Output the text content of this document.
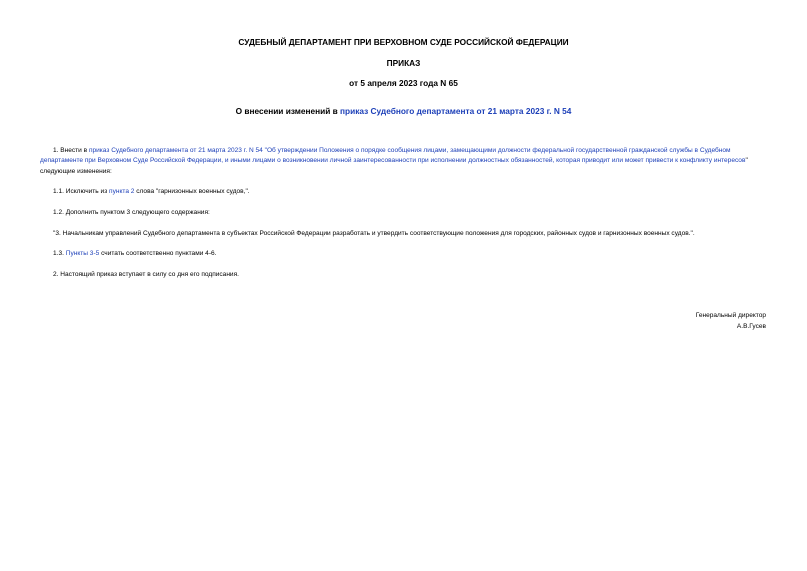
СУДЕБНЫЙ ДЕПАРТАМЕНТ ПРИ ВЕРХОВНОМ СУДЕ РОССИЙСКОЙ ФЕДЕРАЦИИ
ПРИКАЗ
от 5 апреля 2023 года N 65
О внесении изменений в приказ Судебного департамента от 21 марта 2023 г. N 54
1. Внести в приказ Судебного департамента от 21 марта 2023 г. N 54 "Об утверждении Положения о порядке сообщения лицами, замещающими должности федеральной государственной гражданской службы в Судебном департаменте при Верховном Суде Российской Федерации, и иными лицами о возникновении личной заинтересованности при исполнении должностных обязанностей, которая приводит или может привести к конфликту интересов" следующие изменения:
1.1. Исключить из пункта 2 слова "гарнизонных военных судов,".
1.2. Дополнить пунктом 3 следующего содержания:
"3. Начальникам управлений Судебного департамента в субъектах Российской Федерации разработать и утвердить соответствующие положения для городских, районных судов и гарнизонных военных судов.".
1.3. Пункты 3-5 считать соответственно пунктами 4-6.
2. Настоящий приказ вступает в силу со дня его подписания.
Генеральный директор
А.В.Гусев
